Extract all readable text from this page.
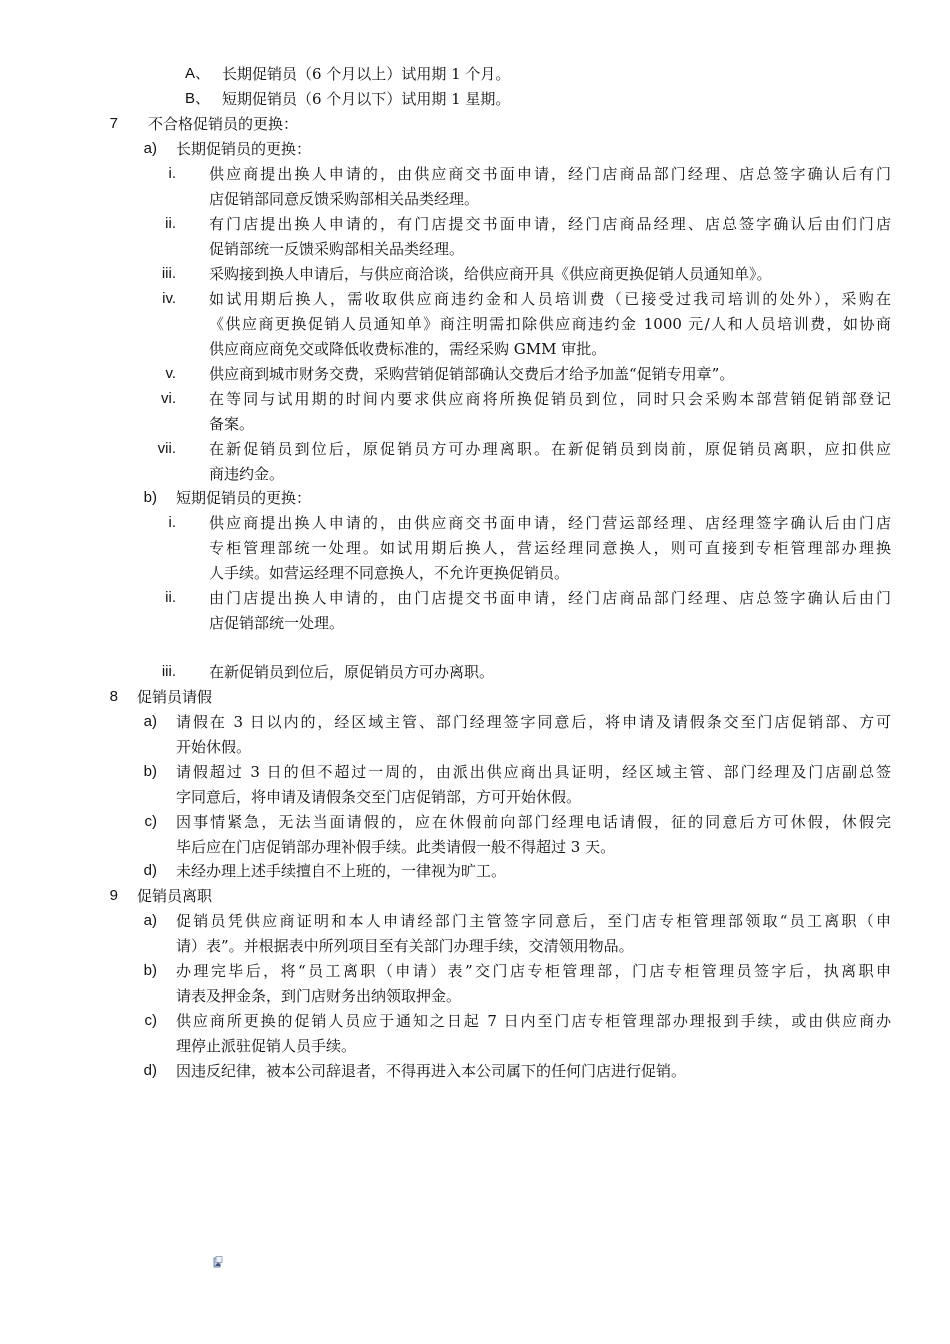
A、 长期促销员（6 个月以上）试用期 1 个月。
B、 短期促销员（6 个月以下）试用期 1 星期。
7 不合格促销员的更换：
a) 长期促销员的更换：
i. 供应商提出换人申请的，由供应商交书面申请，经门店商品部门经理、店总签字确认后有门
店促销部同意反馈采购部相关品类经理。
ii. 有门店提出换人申请的，有门店提交书面申请，经门店商品经理、店总签字确认后由们门店
促销部统一反馈采购部相关品类经理。
iii. 采购接到换人申请后，与供应商洽谈，给供应商开具《供应商更换促销人员通知单》。
iv. 如试用期后换人，需收取供应商违约金和人员培训费（已接受过我司培训的处外），采购在
《供应商更换促销人员通知单》商注明需扣除供应商违约金 1000 元/人和人员培训费，如协商
供应商应商免交或降低收费标准的，需经采购 GMM 审批。
v. 供应商到城市财务交费，采购营销促销部确认交费后才给予加盖“促销专用章”。
vi. 在等同与试用期的时间内要求供应商将所换促销员到位，同时只会采购本部营销促销部登记
备案。
vii. 在新促销员到位后，原促销员方可办理离职。在新促销员到岗前，原促销员离职，应扣供应
商违约金。
b) 短期促销员的更换：
i. 供应商提出换人申请的，由供应商交书面申请，经门营运部经理、店经理签字确认后由门店
专柜管理部统一处理。如试用期后换人，营运经理同意换人，则可直接到专柜管理部办理换
人手续。如营运经理不同意换人，不允许更换促销员。
ii. 由门店提出换人申请的，由门店提交书面申请，经门店商品部门经理、店总签字确认后由门
店促销部统一处理。
iii. 在新促销员到位后，原促销员方可办离职。
8 促销员请假
a) 请假在 3 日以内的，经区域主管、部门经理签字同意后，将申请及请假条交至门店促销部、方可
开始休假。
b) 请假超过 3 日的但不超过一周的，由派出供应商出具证明，经区域主管、部门经理及门店副总签
字同意后，将申请及请假条交至门店促销部，方可开始休假。
c) 因事情紧急，无法当面请假的，应在休假前向部门经理电话请假，征的同意后方可休假，休假完
毕后应在门店促销部办理补假手续。此类请假一般不得超过 3 天。
d) 未经办理上述手续擅自不上班的，一律视为旷工。
9 促销员离职
a) 促销员凭供应商证明和本人申请经部门主管签字同意后，至门店专柜管理部领取“员工离职（申
请）表”。并根据表中所列项目至有关部门办理手续，交清领用物品。
b) 办理完毕后，将“员工离职（申请）表”交门店专柜管理部，门店专柜管理员签字后，执离职申
请表及押金条，到门店财务出纳领取押金。
c) 供应商所更换的促销人员应于通知之日起 7 日内至门店专柜管理部办理报到手续，或由供应商办
理停止派驻促销人员手续。
d) 因违反纪律，被本公司辞退者，不得再进入本公司属下的任何门店进行促销。
